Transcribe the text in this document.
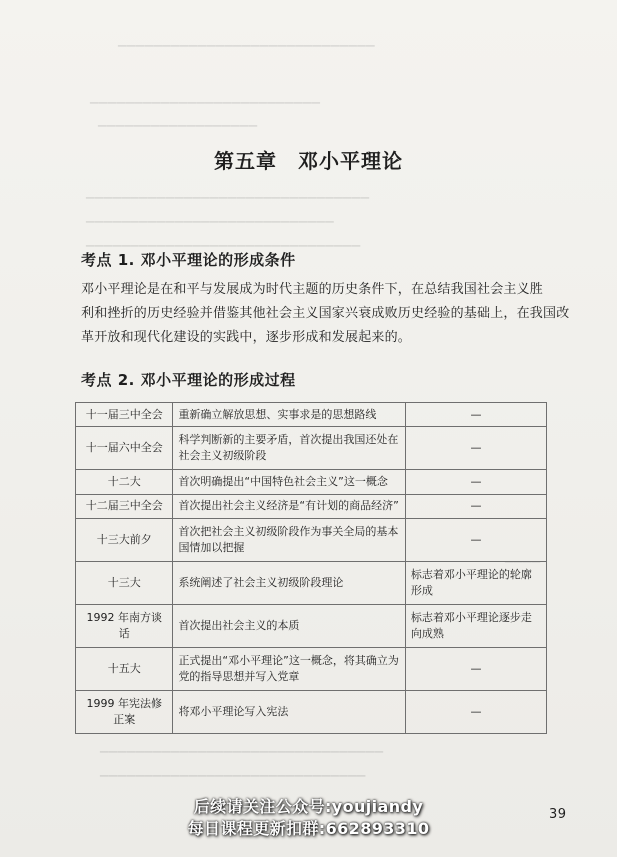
▁▁▁▁▁▁▁▁▁▁▁▁▁▁▁▁▁▁▁▁▁▁▁▁▁▁▁▁▁
▁▁▁▁▁▁▁▁▁▁▁▁▁▁▁▁▁▁▁▁▁▁▁▁▁▁
▁▁▁▁▁▁▁▁▁▁▁▁▁▁▁▁▁▁
▁▁▁▁▁▁▁▁▁▁▁▁▁▁▁▁▁▁▁▁▁▁▁▁▁▁▁▁▁▁▁▁
▁▁▁▁▁▁▁▁▁▁▁▁▁▁▁▁▁▁▁▁▁▁▁▁▁▁▁▁
▁▁▁▁▁▁▁▁▁▁▁▁▁▁▁▁▁▁▁▁▁▁▁▁▁▁▁▁▁▁▁
▁▁▁▁
▁▁▁▁▁▁▁▁▁▁▁▁▁▁▁▁▁▁▁▁▁▁▁▁▁▁▁▁▁▁▁▁
▁▁▁▁▁▁▁▁▁▁▁▁▁▁▁▁▁▁▁▁▁▁▁▁▁▁▁▁▁▁
第五章　邓小平理论
考点 1. 邓小平理论的形成条件
邓小平理论是在和平与发展成为时代主题的历史条件下，在总结我国社会主义胜
利和挫折的历史经验并借鉴其他社会主义国家兴衰成败历史经验的基础上，在我国改
革开放和现代化建设的实践中，逐步形成和发展起来的。
考点 2. 邓小平理论的形成过程
十一届三中全会	重新确立解放思想、实事求是的思想路线	—
十一届六中全会	科学判断新的主要矛盾，首次提出我国还处在社会主义初级阶段	—
十二大	首次明确提出“中国特色社会主义”这一概念	—
十二届三中全会	首次提出社会主义经济是“有计划的商品经济”	—
十三大前夕	首次把社会主义初级阶段作为事关全局的基本国情加以把握	—
十三大	系统阐述了社会主义初级阶段理论	标志着邓小平理论的轮廓形成
1992 年南方谈话	首次提出社会主义的本质	标志着邓小平理论逐步走向成熟
十五大	正式提出“邓小平理论”这一概念，将其确立为党的指导思想并写入党章	—
1999 年宪法修正案	将邓小平理论写入宪法	—
后续请关注公众号:youjiandy
每日课程更新扣群:662893310
39
